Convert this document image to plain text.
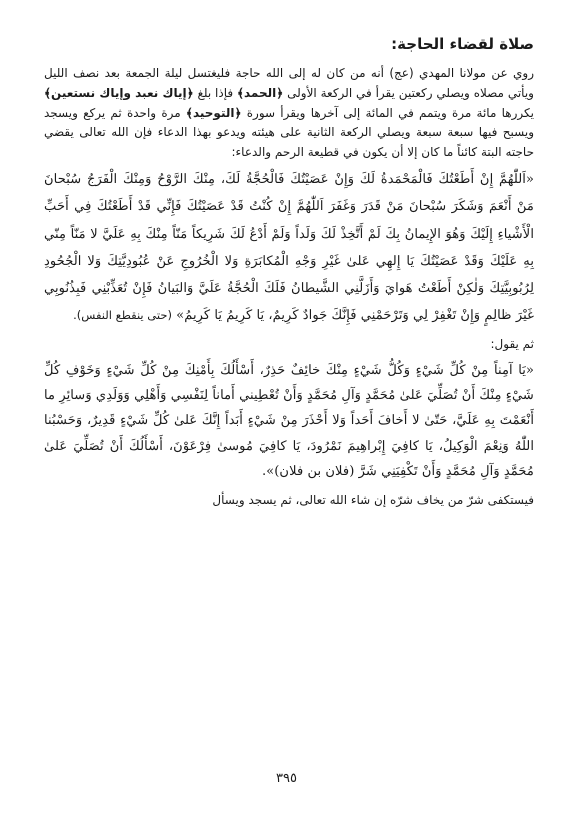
صلاة لقضاء الحاجة:

روي عن مولانا المهدي (عج) أنه من كان له إلى الله حاجة فليغتسل ليلة الجمعة بعد نصف الليل ويأتي مصلاه ويصلي ركعتين يقرأ في الركعة الأولى ﴿الحمد﴾ فإذا بلغ ﴿إياك نعبد وإياك نستعين﴾ يكررها مائة مرة ويتمم في المائة إلى آخرها ويقرأ سورة ﴿التوحيد﴾ مرة واحدة ثم يركع ويسجد ويسبح فيها سبعة سبعة ويصلي الركعة الثانية على هيئته ويدعو بهذا الدعاء فإن الله تعالى يقضي حاجته البتة كائناً ما كان إلا أن يكون في قطيعة الرحم والدعاء:

«اَللّٰهُمَّ إِنْ أَطَعْتُكَ فَالْمَحْمَدةُ لَكَ وَإِنْ عَصَيْتُكَ فَالْحُجَّةُ لَكَ، مِنْكَ الرَّوْحُ وَمِنْكَ الْفَرَجُ سُبْحانَ مَنْ أَنْعَمَ وَشَكَرَ سُبْحانَ مَنْ قَدَرَ وَغَفَرَ اَللّٰهُمَّ إِنْ كُنْتُ قَدْ عَصَيْتُكَ فَإِنِّي قَدْ أَطَعْتُكَ فِي أَحَبِّ الْأَشْياءِ إِلَيْكَ وَهُوَ الإِيمانُ بِكَ لَمْ أَتَّخِذْ لَكَ وَلَداً وَلَمْ أَدْعُ لَكَ شَرِيكاً مَنّاً مِنْكَ بِهِ عَلَيَّ لا مَنّاً مِنّي بِهِ عَلَيْكَ وَقَدْ عَصَيْتُكَ يَا إِلهِي عَلىٰ غَيْرِ وَجْهِ الْمُكابَرَةِ وَلا الْخُرُوجِ عَنْ عُبُودِيَّتِكَ وَلا الْجُحُودِ لِرُبُوبِيَّتِكَ وَلٰكِنْ أَطَعْتُ هَوايَ وَأَزَلَّنِي الشَّيطانُ فَلَكَ الْحُجَّةُ عَلَيَّ وَالبَيانُ فَإِنْ تُعَذِّبْنِي فَبِذُنُوبِي غَيْرَ ظالِمٍ وَإِنْ تَغْفِرْ لِي وَتَرْحَمْنِي فَإِنَّكَ جَوادٌ كَرِيمٌ، يَا كَرِيمُ يَا كَرِيمُ» (حتى ينقطع النفس).

ثم يقول:

«يَا آمِناً مِنْ كُلِّ شَيْءٍ وَكُلُّ شَيْءٍ مِنْكَ خائِفٌ حَذِرٌ، أَسْأَلُكَ بِأَمْنِكَ مِنْ كُلِّ شَيْءٍ وَخَوْفِ كُلِّ شَيْءٍ مِنْكَ أَنْ تُصَلِّيَ عَلىٰ مُحَمَّدٍ وَآلِ مُحَمَّدٍ وَأَنْ تُعْطِيني أَماناً لِنَفْسِي وَأَهْلِي وَوَلَدِي وَسائِرِ ما أَنْعَمْتَ بِهِ عَلَيَّ، حَتّىٰ لا أَخافَ أَحَداً وَلا أَحْذَرَ مِنْ شَيْءٍ أَبَداً إِنَّكَ عَلىٰ كُلِّ شَيْءٍ قَدِيرٌ، وَحَسْبُنا اللّٰهُ وَنِعْمَ الْوَكِيلُ، يَا كافِيَ إِبْراهِيمَ نَمْرُودَ، يَا كافِيَ مُوسىٰ فِرْعَوْنَ، أَسْأَلُكَ أَنْ تُصَلِّيَ عَلىٰ مُحَمَّدٍ وَآلِ مُحَمَّدٍ وَأَنْ تَكْفِيَنِي شَرَّ (فلان بن فلان)».

فيستكفى شرّ من يخاف شرّه إن شاء الله تعالى، ثم يسجد ويسأل

٣٩٥
